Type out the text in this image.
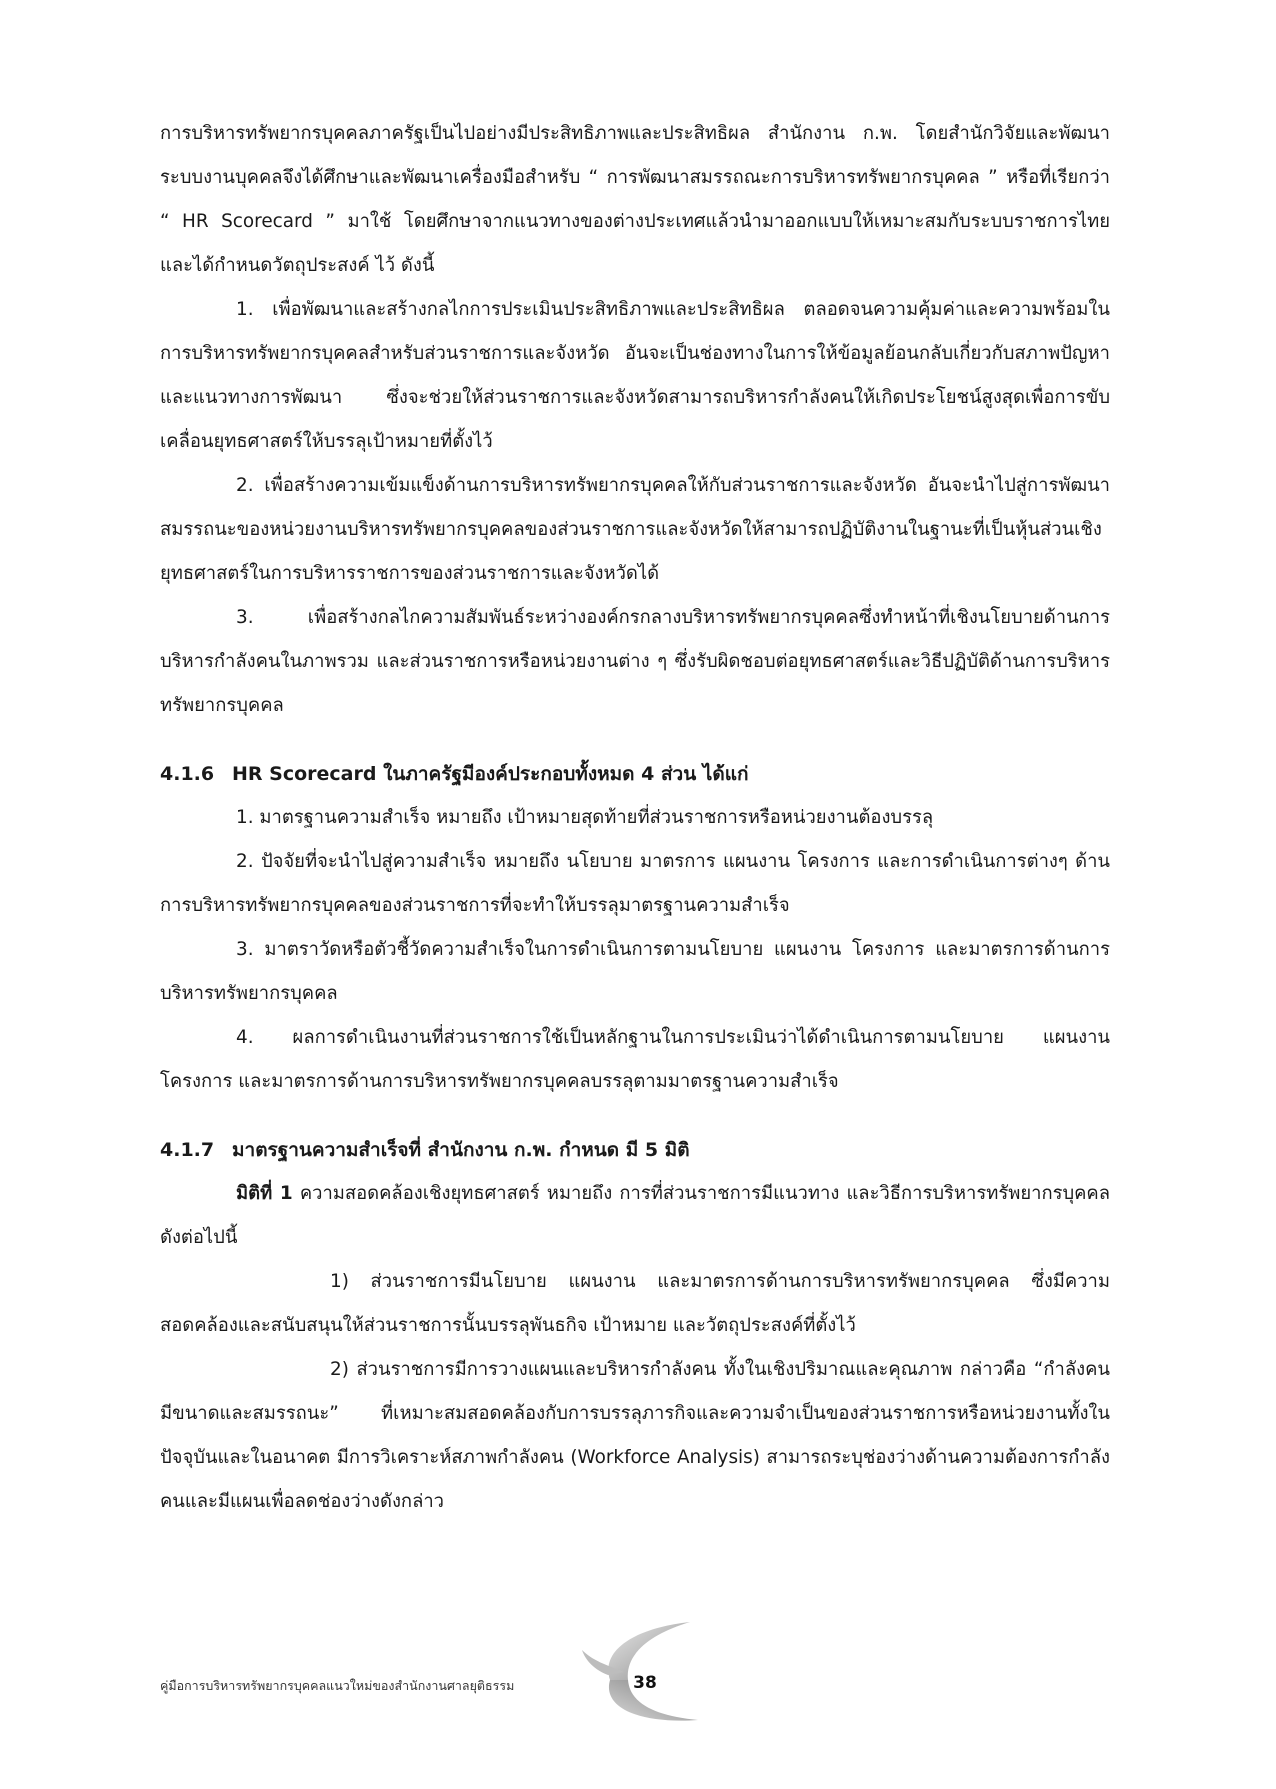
การบริหารทรัพยากรบุคคลภาครัฐเป็นไปอย่างมีประสิทธิภาพและประสิทธิผล สำนักงาน ก.พ. โดยสำนักวิจัยและพัฒนาระบบงานบุคคลจึงได้ศึกษาและพัฒนาเครื่องมือสำหรับ “ การพัฒนาสมรรถณะการบริหารทรัพยากรบุคคล ” หรือที่เรียกว่า “ HR Scorecard ” มาใช้ โดยศึกษาจากแนวทางของต่างประเทศแล้วนำมาออกแบบให้เหมาะสมกับระบบราชการไทย และได้กำหนดวัตถุประสงค์ ไว้ ดังนี้

1. เพื่อพัฒนาและสร้างกลไกการประเมินประสิทธิภาพและประสิทธิผล ตลอดจนความคุ้มค่าและความพร้อมในการบริหารทรัพยากรบุคคลสำหรับส่วนราชการและจังหวัด อันจะเป็นช่องทางในการให้ข้อมูลย้อนกลับเกี่ยวกับสภาพปัญหาและแนวทางการพัฒนา ซึ่งจะช่วยให้ส่วนราชการและจังหวัดสามารถบริหารกำลังคนให้เกิดประโยชน์สูงสุดเพื่อการขับเคลื่อนยุทธศาสตร์ให้บรรลุเป้าหมายที่ตั้งไว้

2. เพื่อสร้างความเข้มแข็งด้านการบริหารทรัพยากรบุคคลให้กับส่วนราชการและจังหวัด อันจะนำไปสู่การพัฒนาสมรรถนะของหน่วยงานบริหารทรัพยากรบุคคลของส่วนราชการและจังหวัดให้สามารถปฏิบัติงานในฐานะที่เป็นหุ้นส่วนเชิงยุทธศาสตร์ในการบริหารราชการของส่วนราชการและจังหวัดได้

3. เพื่อสร้างกลไกความสัมพันธ์ระหว่างองค์กรกลางบริหารทรัพยากรบุคคลซึ่งทำหน้าที่เชิงนโยบายด้านการบริหารกำลังคนในภาพรวม และส่วนราชการหรือหน่วยงานต่าง ๆ ซึ่งรับผิดชอบต่อยุทธศาสตร์และวิธีปฏิบัติด้านการบริหารทรัพยากรบุคคล

4.1.6 HR Scorecard ในภาครัฐมีองค์ประกอบทั้งหมด 4 ส่วน ได้แก่

1. มาตรฐานความสำเร็จ หมายถึง เป้าหมายสุดท้ายที่ส่วนราชการหรือหน่วยงานต้องบรรลุ

2. ปัจจัยที่จะนำไปสู่ความสำเร็จ หมายถึง นโยบาย มาตรการ แผนงาน โครงการ และการดำเนินการต่างๆ ด้านการบริหารทรัพยากรบุคคลของส่วนราชการที่จะทำให้บรรลุมาตรฐานความสำเร็จ

3. มาตราวัดหรือตัวชี้วัดความสำเร็จในการดำเนินการตามนโยบาย แผนงาน โครงการ และมาตรการด้านการบริหารทรัพยากรบุคคล

4. ผลการดำเนินงานที่ส่วนราชการใช้เป็นหลักฐานในการประเมินว่าได้ดำเนินการตามนโยบาย แผนงาน โครงการ และมาตรการด้านการบริหารทรัพยากรบุคคลบรรลุตามมาตรฐานความสำเร็จ

4.1.7 มาตรฐานความสำเร็จที่ สำนักงาน ก.พ. กำหนด มี 5 มิติ

มิติที่ 1 ความสอดคล้องเชิงยุทธศาสตร์ หมายถึง การที่ส่วนราชการมีแนวทาง และวิธีการบริหารทรัพยากรบุคคล ดังต่อไปนี้

1) ส่วนราชการมีนโยบาย แผนงาน และมาตรการด้านการบริหารทรัพยากรบุคคล ซึ่งมีความสอดคล้องและสนับสนุนให้ส่วนราชการนั้นบรรลุพันธกิจ เป้าหมาย และวัตถุประสงค์ที่ตั้งไว้

2) ส่วนราชการมีการวางแผนและบริหารกำลังคน ทั้งในเชิงปริมาณและคุณภาพ กล่าวคือ “กำลังคนมีขนาดและสมรรถนะ” ที่เหมาะสมสอดคล้องกับการบรรลุภารกิจและความจำเป็นของส่วนราชการหรือหน่วยงานทั้งในปัจจุบันและในอนาคต มีการวิเคราะห์สภาพกำลังคน (Workforce Analysis) สามารถระบุช่องว่างด้านความต้องการกำลังคนและมีแผนเพื่อลดช่องว่างดังกล่าว

คู่มือการบริหารทรัพยากรบุคคลแนวใหม่ของสำนักงานศาลยุติธรรม	38
